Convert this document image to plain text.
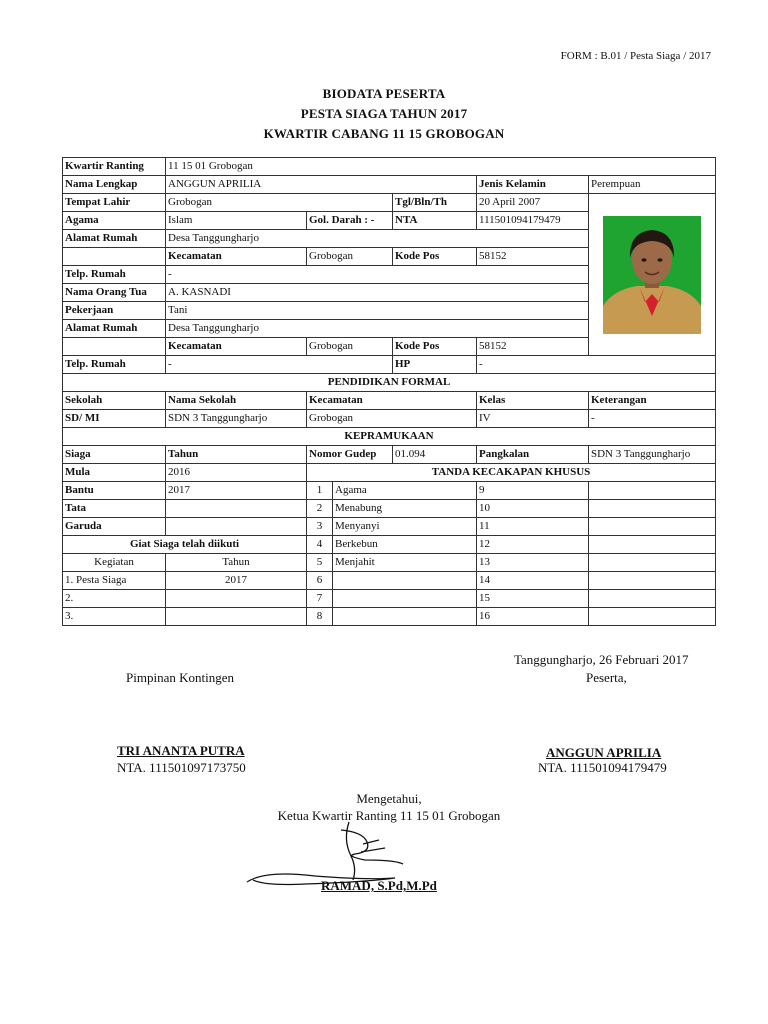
FORM : B.01 / Pesta Siaga / 2017
BIODATA PESERTA
PESTA SIAGA TAHUN 2017
KWARTIR CABANG 11 15 GROBOGAN
Kwartir Ranting	11 15 01 Grobogan					
Nama Lengkap	ANGGUN APRILIA				Jenis Kelamin	Perempuan
Tempat Lahir	Grobogan			Tgl/Bln/Th	20 April 2007	

Agama	Islam	Gol. Darah : -		NTA	111501094179479	
Alamat Rumah	Desa Tanggungharjo					
	Kecamatan	Grobogan		Kode Pos	58152	
Telp. Rumah	-					
Nama Orang Tua	A. KASNADI					
Pekerjaan	Tani					
Alamat Rumah	Desa Tanggungharjo					
	Kecamatan	Grobogan		Kode Pos	58152	
Telp. Rumah	-			HP	-	
PENDIDIKAN FORMAL						
Sekolah	Nama Sekolah	Kecamatan			Kelas	Keterangan
SD/ MI	SDN 3 Tanggungharjo	Grobogan			IV	-
KEPRAMUKAAN						
Siaga	Tahun	Nomor Gudep		01.094	Pangkalan	SDN 3 Tanggungharjo
Mula	2016	TANDA KECAKAPAN KHUSUS				
Bantu	2017	1	Agama		9	
Tata		2	Menabung		10	
Garuda		3	Menyanyi		11	
Giat Siaga telah diikuti		4	Berkebun		12	
Kegiatan	Tahun	5	Menjahit		13	
1. Pesta Siaga	2017	6			14	
2.		7			15	
3.		8			16	
Tanggungharjo, 26 Februari 2017
Pimpinan Kontingen	Peserta,
TRI ANANTA PUTRA
NTA. 111501097173750
ANGGUN APRILIA
NTA. 111501094179479
Mengetahui,
Ketua Kwartir Ranting 11 15 01 Grobogan
RAMAD, S.Pd,M.Pd
